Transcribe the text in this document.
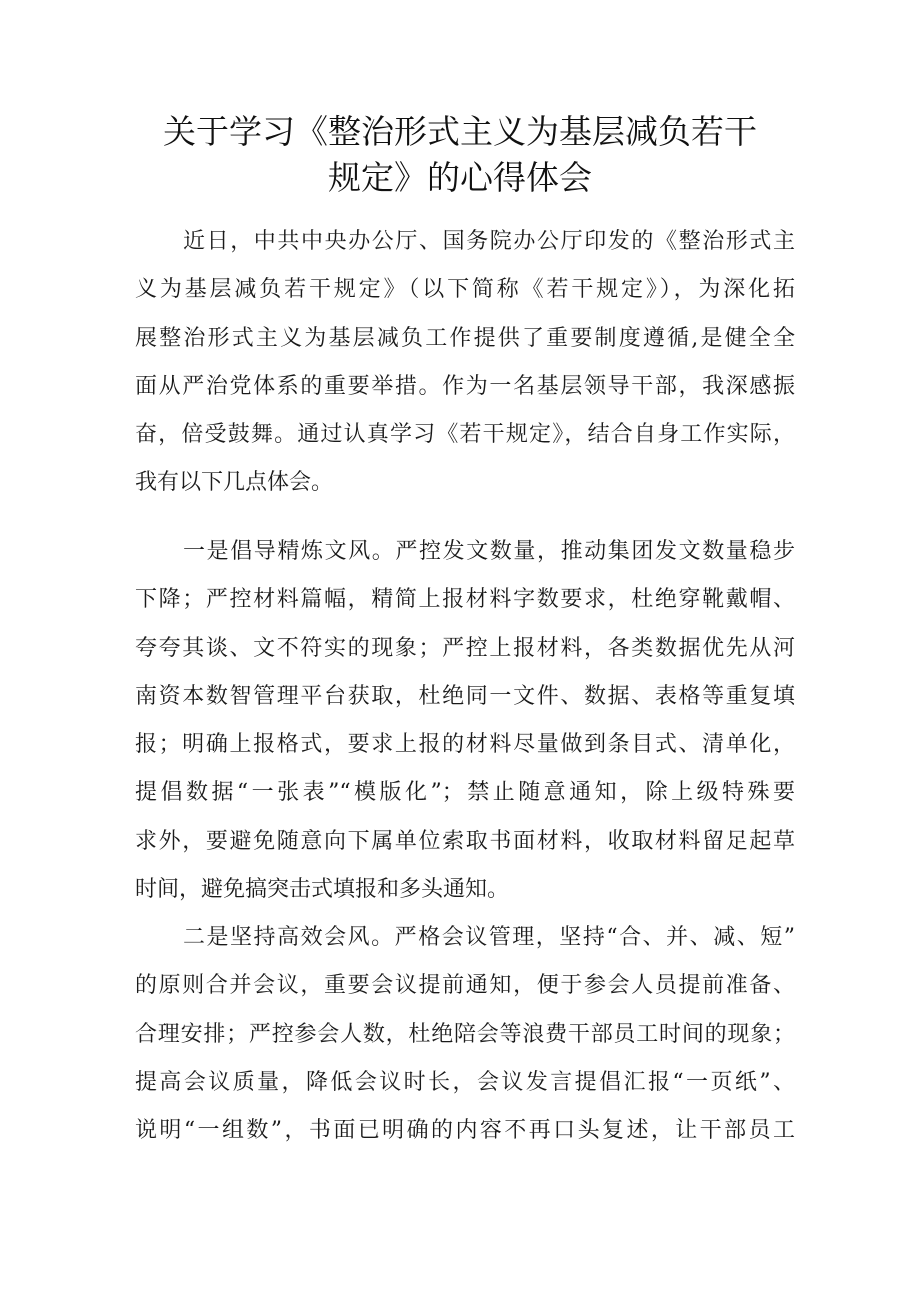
关于学习《整治形式主义为基层减负若干
规定》的心得体会
近日，中共中央办公厅、国务院办公厅印发的《整治形式主
义为基层减负若干规定》（以下简称《若干规定》），为深化拓
展整治形式主义为基层减负工作提供了重要制度遵循,是健全全
面从严治党体系的重要举措。作为一名基层领导干部，我深感振
奋，倍受鼓舞。通过认真学习《若干规定》，结合自身工作实际，
我有以下几点体会。
一是倡导精炼文风。严控发文数量，推动集团发文数量稳步
下降；严控材料篇幅，精简上报材料字数要求，杜绝穿靴戴帽、
夸夸其谈、文不符实的现象；严控上报材料，各类数据优先从河
南资本数智管理平台获取，杜绝同一文件、数据、表格等重复填
报；明确上报格式，要求上报的材料尽量做到条目式、清单化，
提倡数据“一张表”“模版化”；禁止随意通知，除上级特殊要
求外，要避免随意向下属单位索取书面材料，收取材料留足起草
时间，避免搞突击式填报和多头通知。
二是坚持高效会风。严格会议管理，坚持“合、并、减、短”
的原则合并会议，重要会议提前通知，便于参会人员提前准备、
合理安排；严控参会人数，杜绝陪会等浪费干部员工时间的现象；
提高会议质量，降低会议时长，会议发言提倡汇报“一页纸”、
说明“一组数”，书面已明确的内容不再口头复述，让干部员工
